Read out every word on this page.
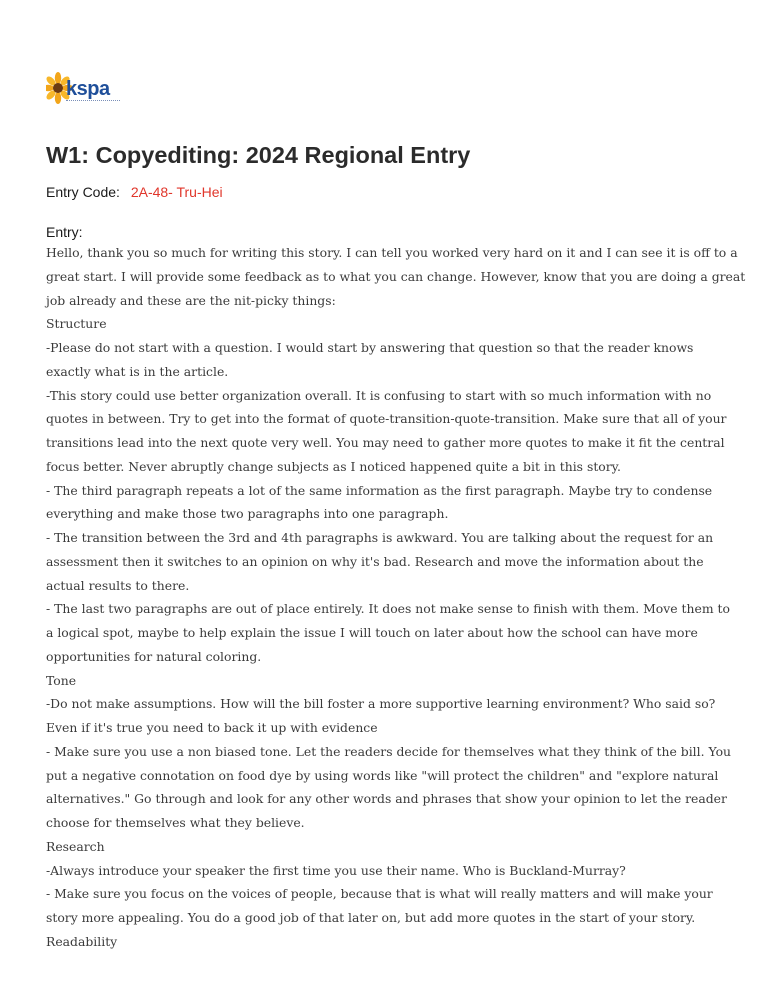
kspa
W1: Copyediting: 2024 Regional Entry
Entry Code: 2A-48- Tru-Hei
Entry:
Hello, thank you so much for writing this story. I can tell you worked very hard on it and I can see it is off to a
great start. I will provide some feedback as to what you can change. However, know that you are doing a great
job already and these are the nit-picky things:
Structure
-Please do not start with a question. I would start by answering that question so that the reader knows
exactly what is in the article.
-This story could use better organization overall. It is confusing to start with so much information with no
quotes in between. Try to get into the format of quote-transition-quote-transition. Make sure that all of your
transitions lead into the next quote very well. You may need to gather more quotes to make it fit the central
focus better. Never abruptly change subjects as I noticed happened quite a bit in this story.
- The third paragraph repeats a lot of the same information as the first paragraph. Maybe try to condense
everything and make those two paragraphs into one paragraph.
- The transition between the 3rd and 4th paragraphs is awkward. You are talking about the request for an
assessment then it switches to an opinion on why it's bad. Research and move the information about the
actual results to there.
- The last two paragraphs are out of place entirely. It does not make sense to finish with them. Move them to
a logical spot, maybe to help explain the issue I will touch on later about how the school can have more
opportunities for natural coloring.
Tone
-Do not make assumptions. How will the bill foster a more supportive learning environment? Who said so?
Even if it's true you need to back it up with evidence
- Make sure you use a non biased tone. Let the readers decide for themselves what they think of the bill. You
put a negative connotation on food dye by using words like "will protect the children" and "explore natural
alternatives." Go through and look for any other words and phrases that show your opinion to let the reader
choose for themselves what they believe.
Research
-Always introduce your speaker the first time you use their name. Who is Buckland-Murray?
- Make sure you focus on the voices of people, because that is what will really matters and will make your
story more appealing. You do a good job of that later on, but add more quotes in the start of your story.
Readability
